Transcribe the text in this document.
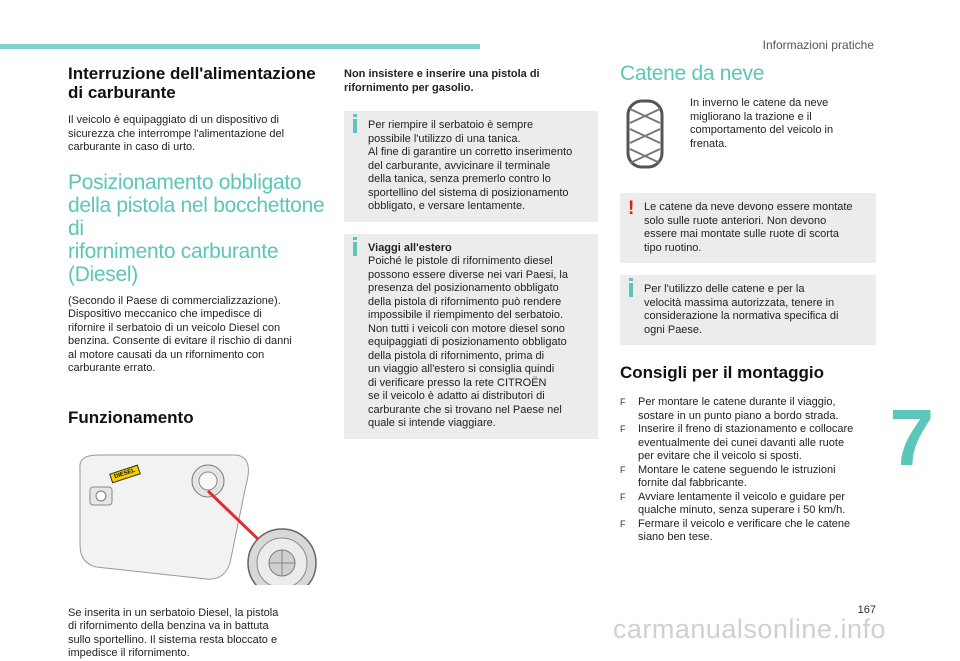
Informazioni pratiche
7
167
carmanualsonline.info
Interruzione dell'alimentazione
di carburante

Il veicolo è equipaggiato di un dispositivo di
sicurezza che interrompe l'alimentazione del
carburante in caso di urto.

Posizionamento obbligato
della pistola nel bocchettone di
rifornimento carburante (Diesel)

(Secondo il Paese di commercializzazione).
Dispositivo meccanico che impedisce di
rifornire il serbatoio di un veicolo Diesel con
benzina. Consente di evitare il rischio di danni
al motore causati da un rifornimento con
carburante errato.

Funzionamento
DIESEL

Se inserita in un serbatoio Diesel, la pistola
di rifornimento della benzina va in battuta
sullo sportellino. Il sistema resta bloccato e
impedisce il rifornimento.

Non insistere e inserire una pistola di
rifornimento per gasolio.

Per riempire il serbatoio è sempre
possibile l'utilizzo di una tanica.
Al fine di garantire un corretto inserimento
del carburante, avvicinare il terminale
della tanica, senza premerlo contro lo
sportellino del sistema di posizionamento
obbligato, e versare lentamente.

Viaggi all'estero

Poiché le pistole di rifornimento diesel
possono essere diverse nei vari Paesi, la
presenza del posizionamento obbligato
della pistola di rifornimento può rendere
impossibile il riempimento del serbatoio.
Non tutti i veicoli con motore diesel sono
equipaggiati di posizionamento obbligato
della pistola di rifornimento, prima di
un viaggio all'estero si consiglia quindi
di verificare presso la rete CITROËN
se il veicolo è adatto ai distributori di
carburante che si trovano nel Paese nel
quale si intende viaggiare.

Catene da neve

In inverno le catene da neve
migliorano la trazione e il
comportamento del veicolo in
frenata.

! Le catene da neve devono essere montate
solo sulle ruote anteriori. Non devono
essere mai montate sulle ruote di scorta
tipo ruotino.

Per l'utilizzo delle catene e per la
velocità massima autorizzata, tenere in
considerazione la normativa specifica di
ogni Paese.

Consigli per il montaggio
F Per montare le catene durante il viaggio,
sostare in un punto piano a bordo strada.
F Inserire il freno di stazionamento e collocare
eventualmente dei cunei davanti alle ruote
per evitare che il veicolo si sposti.
F Montare le catene seguendo le istruzioni
fornite dal fabbricante.
F Avviare lentamente il veicolo e guidare per
qualche minuto, senza superare i 50 km/h.
F Fermare il veicolo e verificare che le catene
siano ben tese.
